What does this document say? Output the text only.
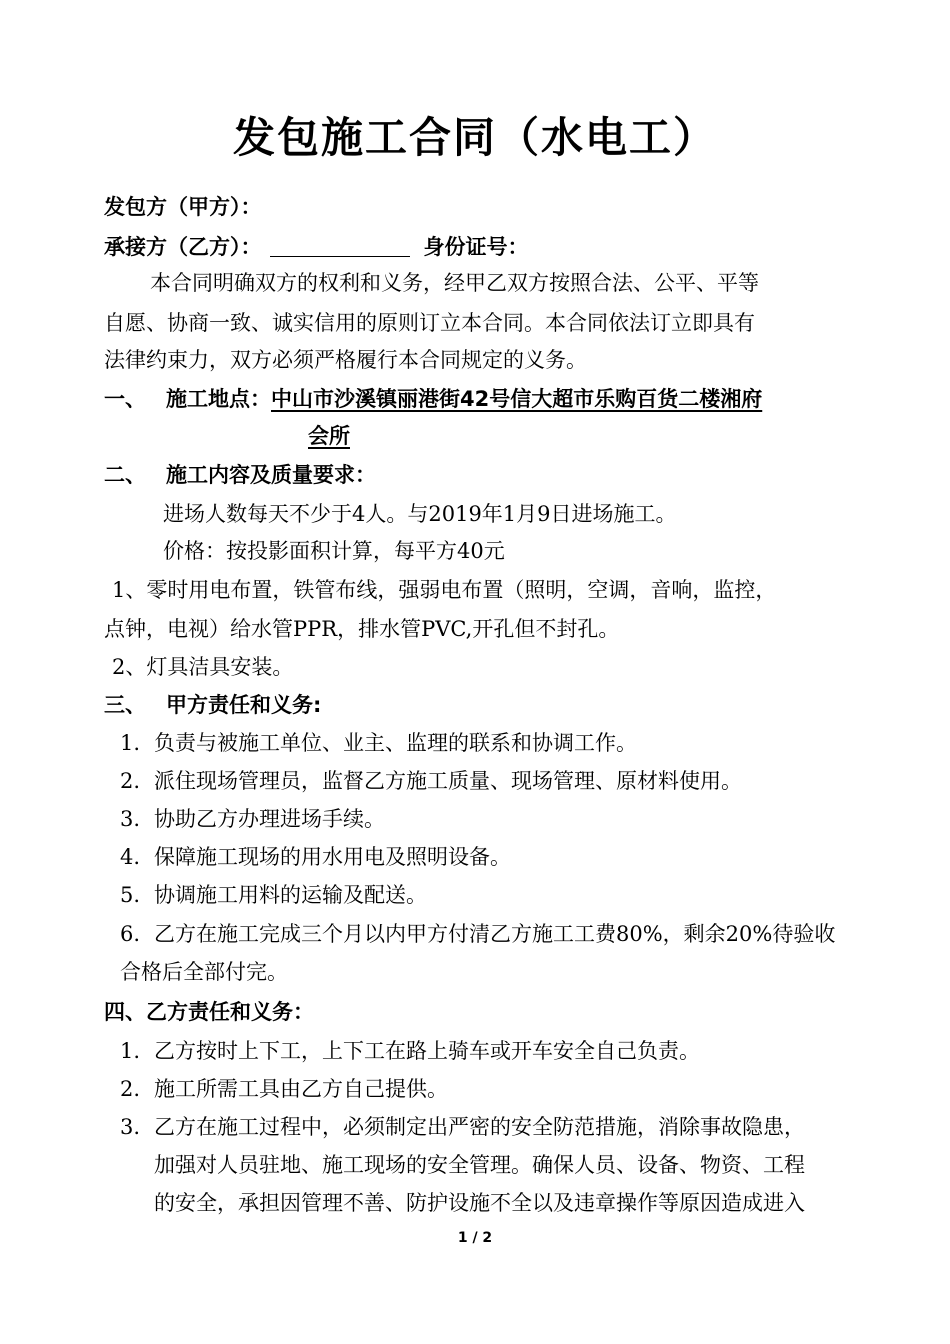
发包施工合同（水电工）
发包方（甲方）：
承接方（乙方）：	身份证号：
本合同明确双方的权利和义务，经甲乙双方按照合法、公平、平等
自愿、协商一致、诚实信用的原则订立本合同。本合同依法订立即具有
法律约束力，双方必须严格履行本合同规定的义务。
一、 施工地点：中山市沙溪镇丽港街42号信大超市乐购百货二楼湘府
会所
二、 施工内容及质量要求：
进场人数每天不少于4人。与2019年1月9日进场施工。
价格：按投影面积计算，每平方40元
1、零时用电布置，铁管布线，强弱电布置（照明，空调，音响，监控，
点钟，电视）给水管PPR，排水管PVC,开孔但不封孔。
2、灯具洁具安装。
三、 甲方责任和义务:
1. 负责与被施工单位、业主、监理的联系和协调工作。
2. 派住现场管理员，监督乙方施工质量、现场管理、原材料使用。
3. 协助乙方办理进场手续。
4. 保障施工现场的用水用电及照明设备。
5. 协调施工用料的运输及配送。
6. 乙方在施工完成三个月以内甲方付清乙方施工工费80%，剩余20%待验收
合格后全部付完。
四、乙方责任和义务：
1. 乙方按时上下工，上下工在路上骑车或开车安全自己负责。
2. 施工所需工具由乙方自己提供。
3. 乙方在施工过程中，必须制定出严密的安全防范措施，消除事故隐患，
加强对人员驻地、施工现场的安全管理。确保人员、设备、物资、工程
的安全，承担因管理不善、防护设施不全以及违章操作等原因造成进入
1 / 2
